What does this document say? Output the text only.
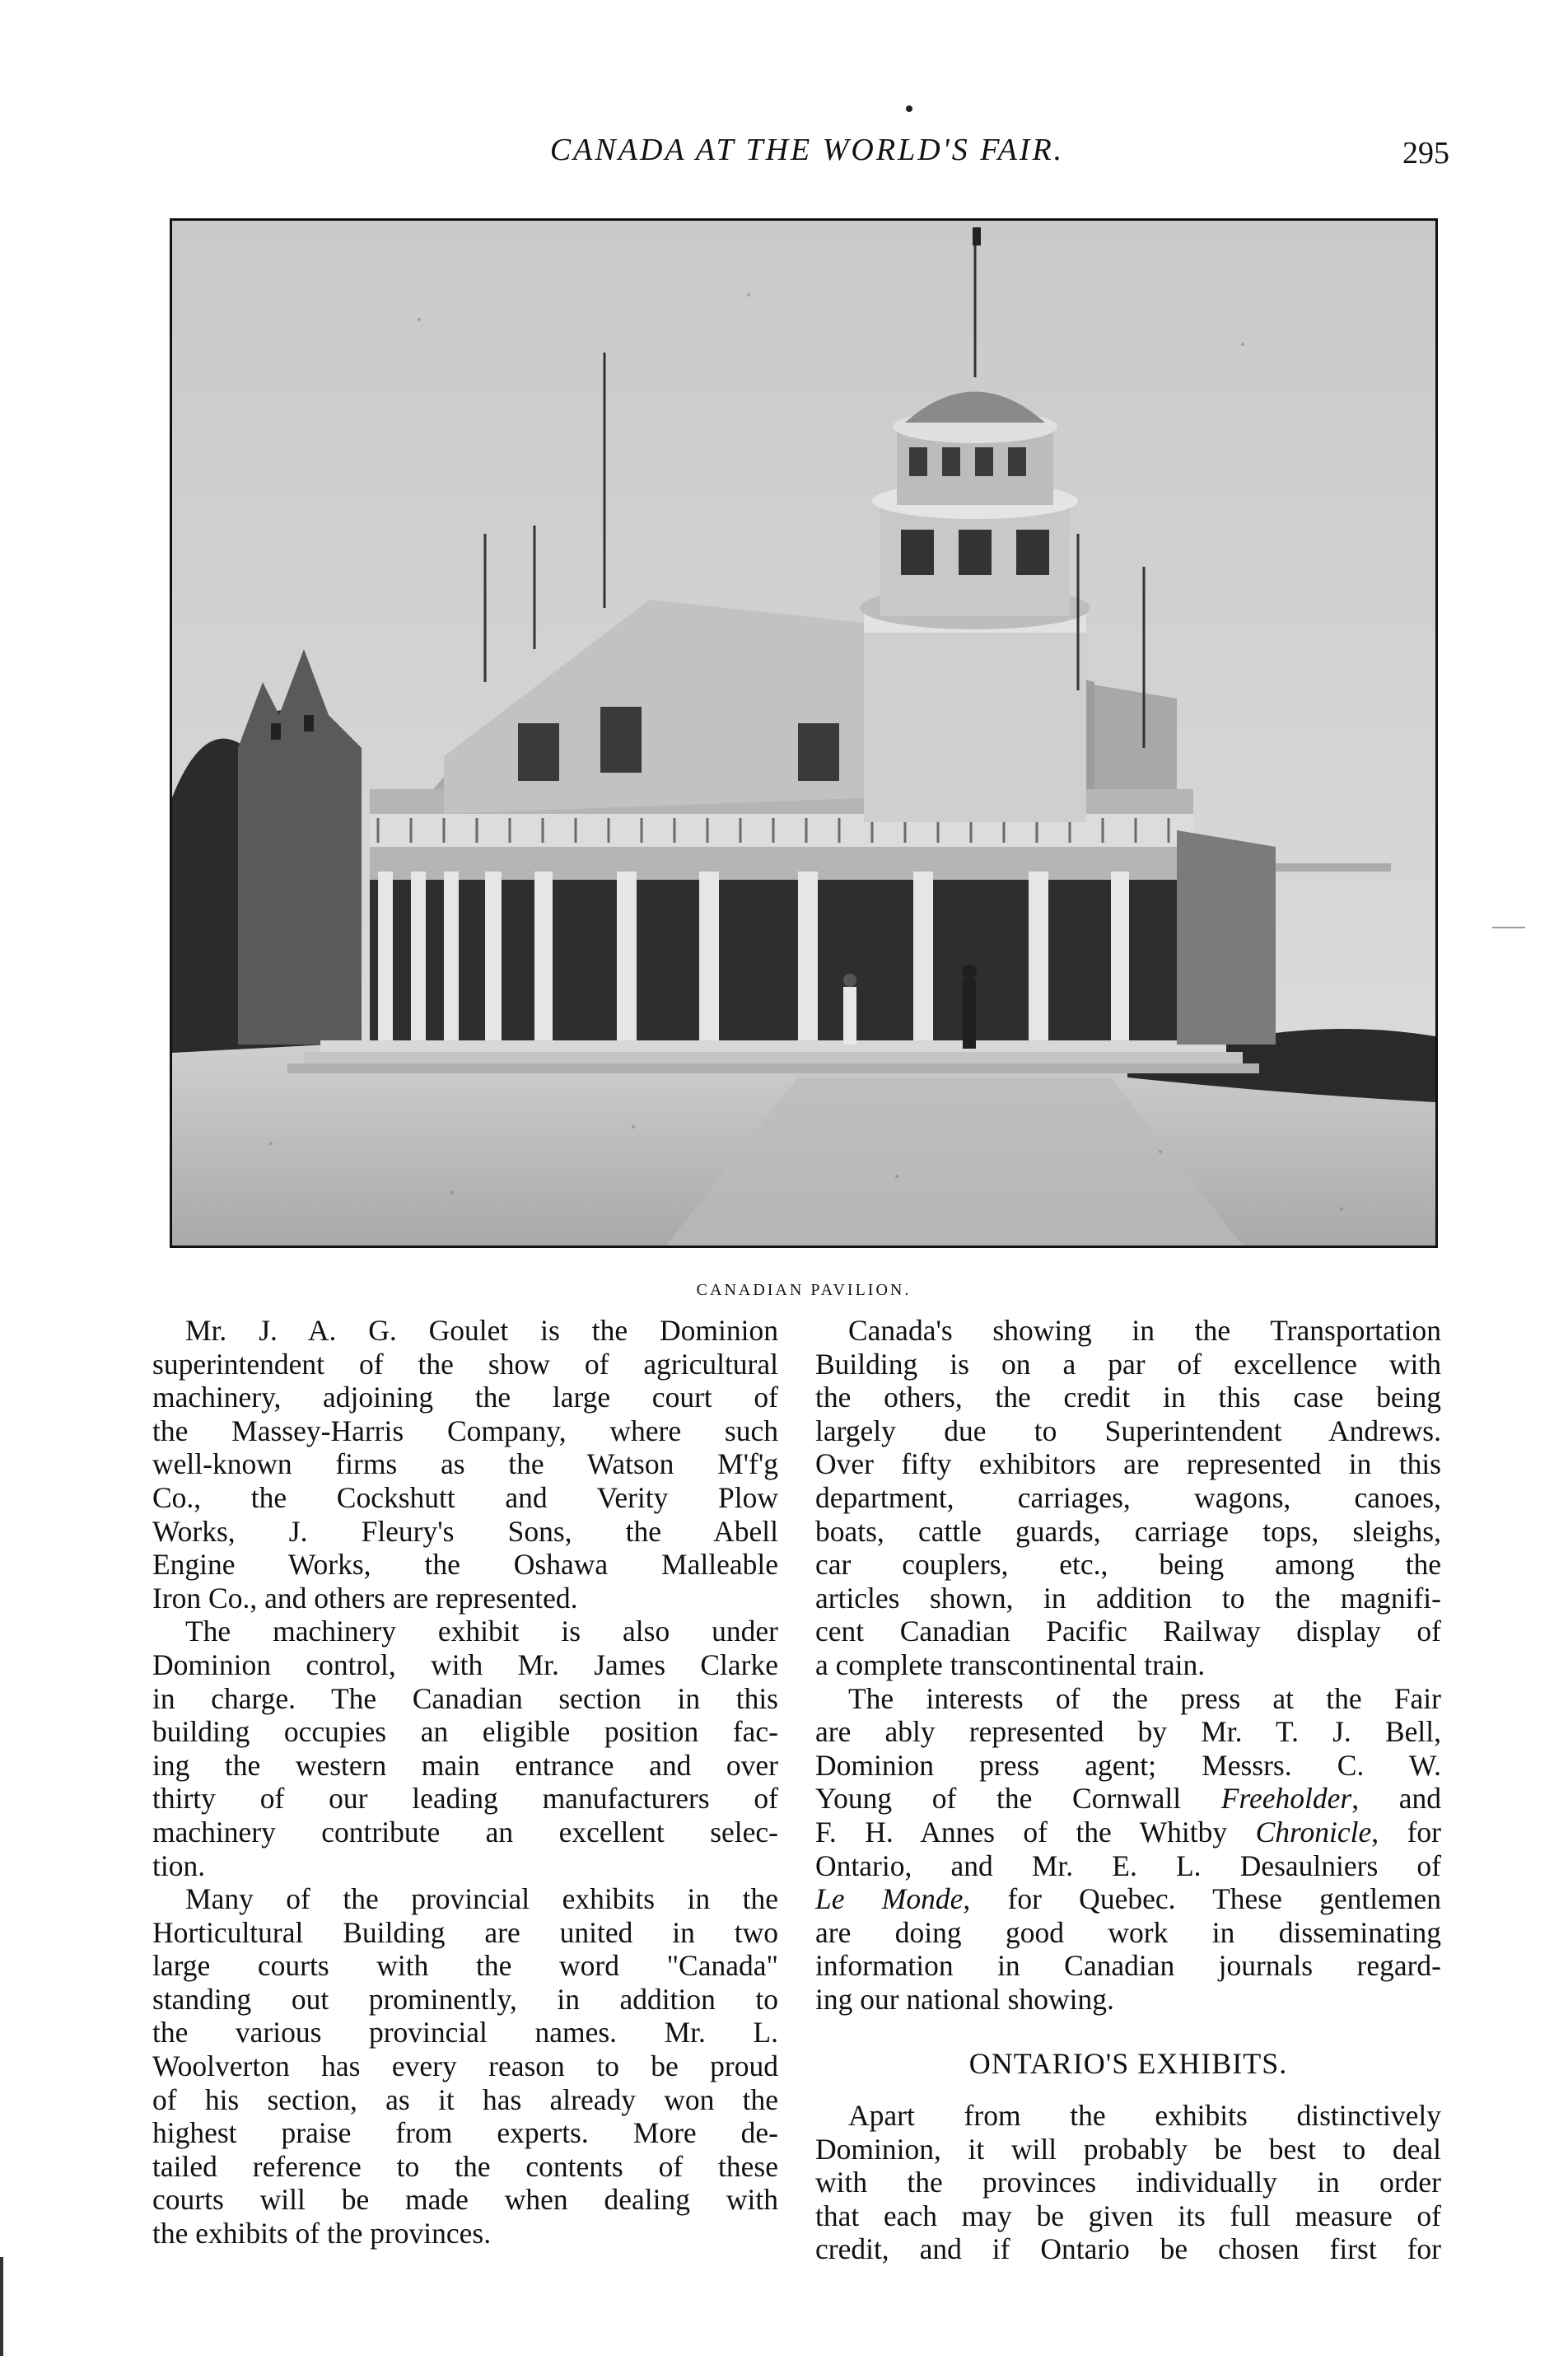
CANADA AT THE WORLD'S FAIR.	295
CANADIAN PAVILION.
Mr. J. A. G. Goulet is the Dominion
superintendent of the show of agricultural
machinery, adjoining the large court of
the Massey-Harris Company, where such
well-known firms as the Watson M'f'g
Co., the Cockshutt and Verity Plow
Works, J. Fleury's Sons, the Abell
Engine Works, the Oshawa Malleable
Iron Co., and others are represented.
The machinery exhibit is also under
Dominion control, with Mr. James Clarke
in charge. The Canadian section in this
building occupies an eligible position fac-
ing the western main entrance and over
thirty of our leading manufacturers of
machinery contribute an excellent selec-
tion.
Many of the provincial exhibits in the
Horticultural Building are united in two
large courts with the word "Canada"
standing out prominently, in addition to
the various provincial names. Mr. L.
Woolverton has every reason to be proud
of his section, as it has already won the
highest praise from experts. More de-
tailed reference to the contents of these
courts will be made when dealing with
the exhibits of the provinces.
Canada's showing in the Transportation
Building is on a par of excellence with
the others, the credit in this case being
largely due to Superintendent Andrews.
Over fifty exhibitors are represented in this
department, carriages, wagons, canoes,
boats, cattle guards, carriage tops, sleighs,
car couplers, etc., being among the
articles shown, in addition to the magnifi-
cent Canadian Pacific Railway display of
a complete transcontinental train.
The interests of the press at the Fair
are ably represented by Mr. T. J. Bell,
Dominion press agent; Messrs. C. W.
Young of the Cornwall Freeholder, and
F. H. Annes of the Whitby Chronicle, for
Ontario, and Mr. E. L. Desaulniers of
Le Monde, for Quebec. These gentlemen
are doing good work in disseminating
information in Canadian journals regard-
ing our national showing.
ONTARIO'S EXHIBITS.
Apart from the exhibits distinctively
Dominion, it will probably be best to deal
with the provinces individually in order
that each may be given its full measure of
credit, and if Ontario be chosen first for
